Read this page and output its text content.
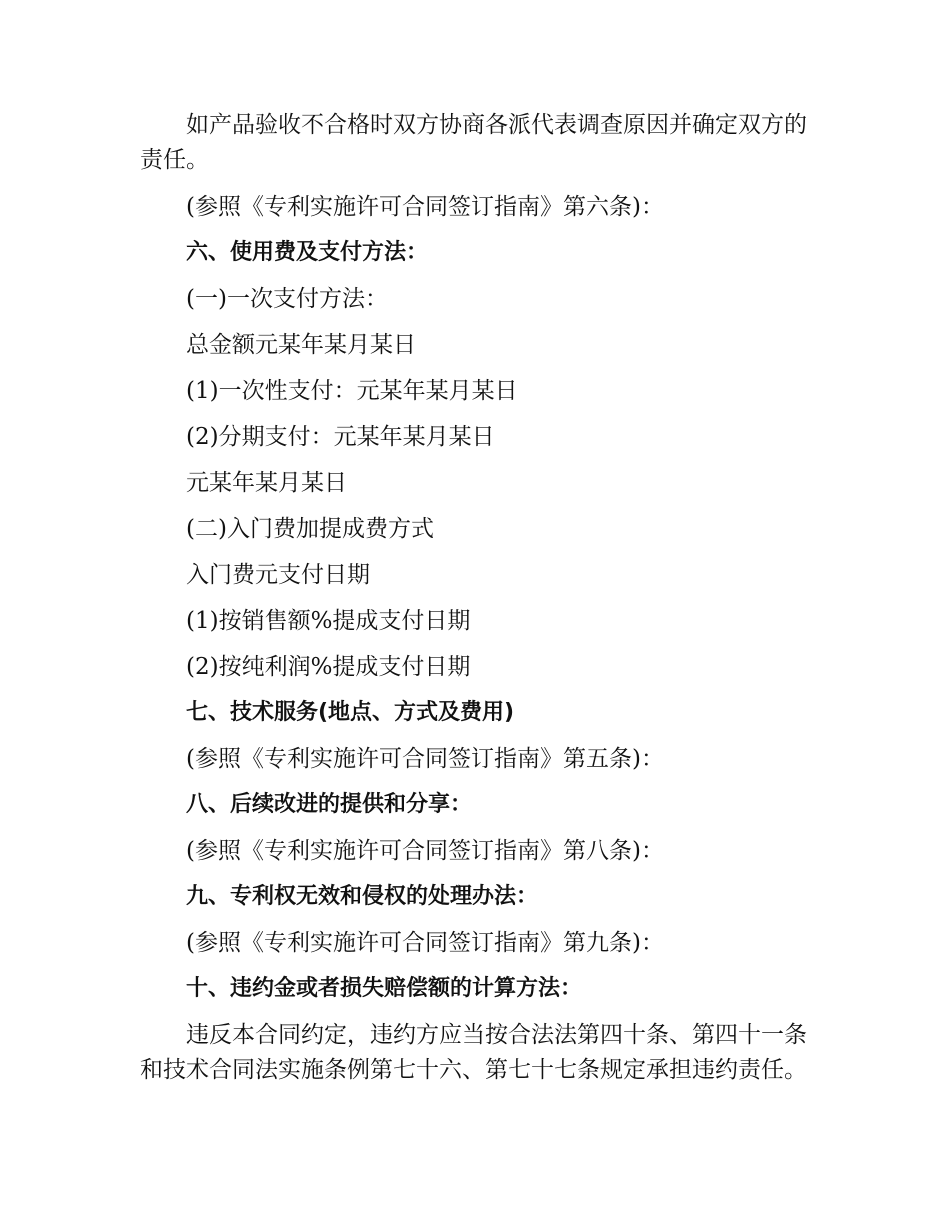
如产品验收不合格时双方协商各派代表调查原因并确定双方的责任。

(参照《专利实施许可合同签订指南》第六条)：

六、使用费及支付方法：

(一)一次支付方法：

总金额元某年某月某日

(1)一次性支付：元某年某月某日

(2)分期支付：元某年某月某日

元某年某月某日

(二)入门费加提成费方式

入门费元支付日期

(1)按销售额%提成支付日期

(2)按纯利润%提成支付日期

七、技术服务(地点、方式及费用)

(参照《专利实施许可合同签订指南》第五条)：

八、后续改进的提供和分享：

(参照《专利实施许可合同签订指南》第八条)：

九、专利权无效和侵权的处理办法：

(参照《专利实施许可合同签订指南》第九条)：

十、违约金或者损失赔偿额的计算方法：

违反本合同约定，违约方应当按合法法第四十条、第四十一条和技术合同法实施条例第七十六、第七十七条规定承担违约责任。
